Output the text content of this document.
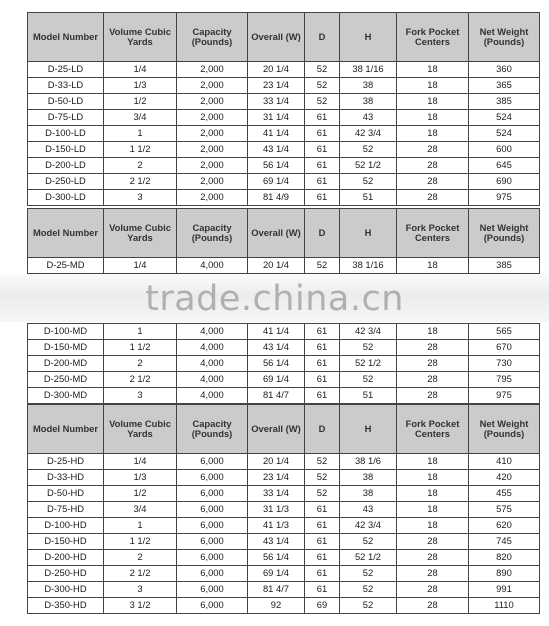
Model Number	Volume Cubic Yards	Capacity (Pounds)	Overall (W)	D	H	Fork Pocket Centers	Net Weight (Pounds)
D-25-LD	1/4	2,000	20 1/4	52	38 1/16	18	360
D-33-LD	1/3	2,000	23 1/4	52	38	18	365
D-50-LD	1/2	2,000	33 1/4	52	38	18	385
D-75-LD	3/4	2,000	31 1/4	61	43	18	524
D-100-LD	1	2,000	41 1/4	61	42 3/4	18	524
D-150-LD	1 1/2	2,000	43 1/4	61	52	28	600
D-200-LD	2	2,000	56 1/4	61	52 1/2	28	645
D-250-LD	2 1/2	2,000	69 1/4	61	52	28	690
D-300-LD	3	2,000	81 4/9	61	51	28	975
Model Number	Volume Cubic Yards	Capacity (Pounds)	Overall (W)	D	H	Fork Pocket Centers	Net Weight (Pounds)
D-25-MD	1/4	4,000	20 1/4	52	38 1/16	18	385
trade.china.cn
D-100-MD	1	4,000	41 1/4	61	42 3/4	18	565
D-150-MD	1 1/2	4,000	43 1/4	61	52	28	670
D-200-MD	2	4,000	56 1/4	61	52 1/2	28	730
D-250-MD	2 1/2	4,000	69 1/4	61	52	28	795
D-300-MD	3	4,000	81 4/7	61	51	28	975
Model Number	Volume Cubic Yards	Capacity (Pounds)	Overall (W)	D	H	Fork Pocket Centers	Net Weight (Pounds)
D-25-HD	1/4	6,000	20 1/4	52	38 1/6	18	410
D-33-HD	1/3	6,000	23 1/4	52	38	18	420
D-50-HD	1/2	6,000	33 1/4	52	38	18	455
D-75-HD	3/4	6,000	31 1/3	61	43	18	575
D-100-HD	1	6,000	41 1/3	61	42 3/4	18	620
D-150-HD	1 1/2	6,000	43 1/4	61	52	28	745
D-200-HD	2	6,000	56 1/4	61	52 1/2	28	820
D-250-HD	2 1/2	6,000	69 1/4	61	52	28	890
D-300-HD	3	6,000	81 4/7	61	52	28	991
D-350-HD	3 1/2	6,000	92	69	52	28	1110
